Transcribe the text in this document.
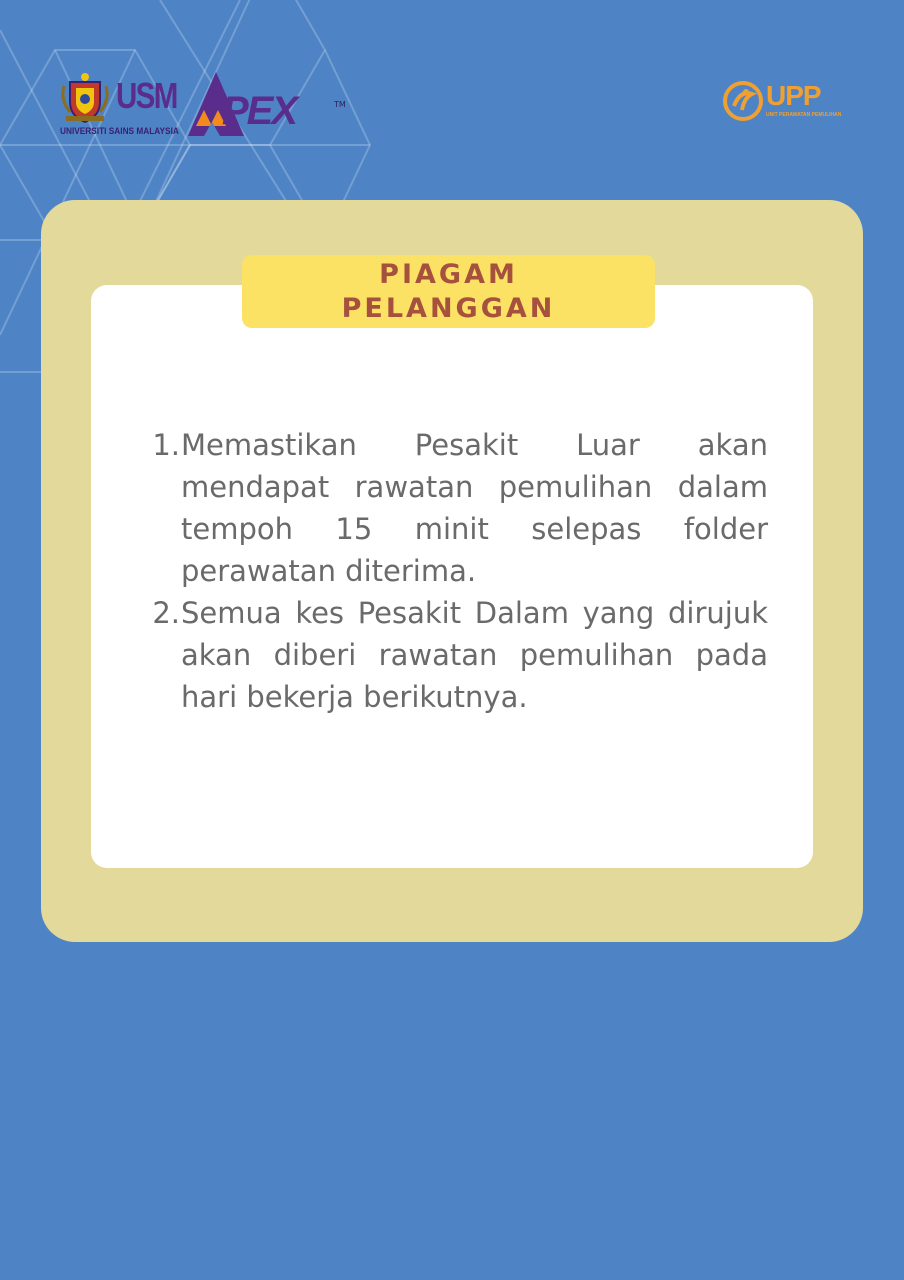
USM
UNIVERSITI SAINS MALAYSIA PEX	TM	UPP
UNIT PERAWATAN PEMULIHAN
PIAGAM
PELANGGAN
1. Memastikan Pesakit Luar akan mendapat rawatan pemulihan dalam tempoh 15 minit selepas folder perawatan diterima.
2. Semua kes Pesakit Dalam yang dirujuk akan diberi rawatan pemulihan pada hari bekerja berikutnya.
